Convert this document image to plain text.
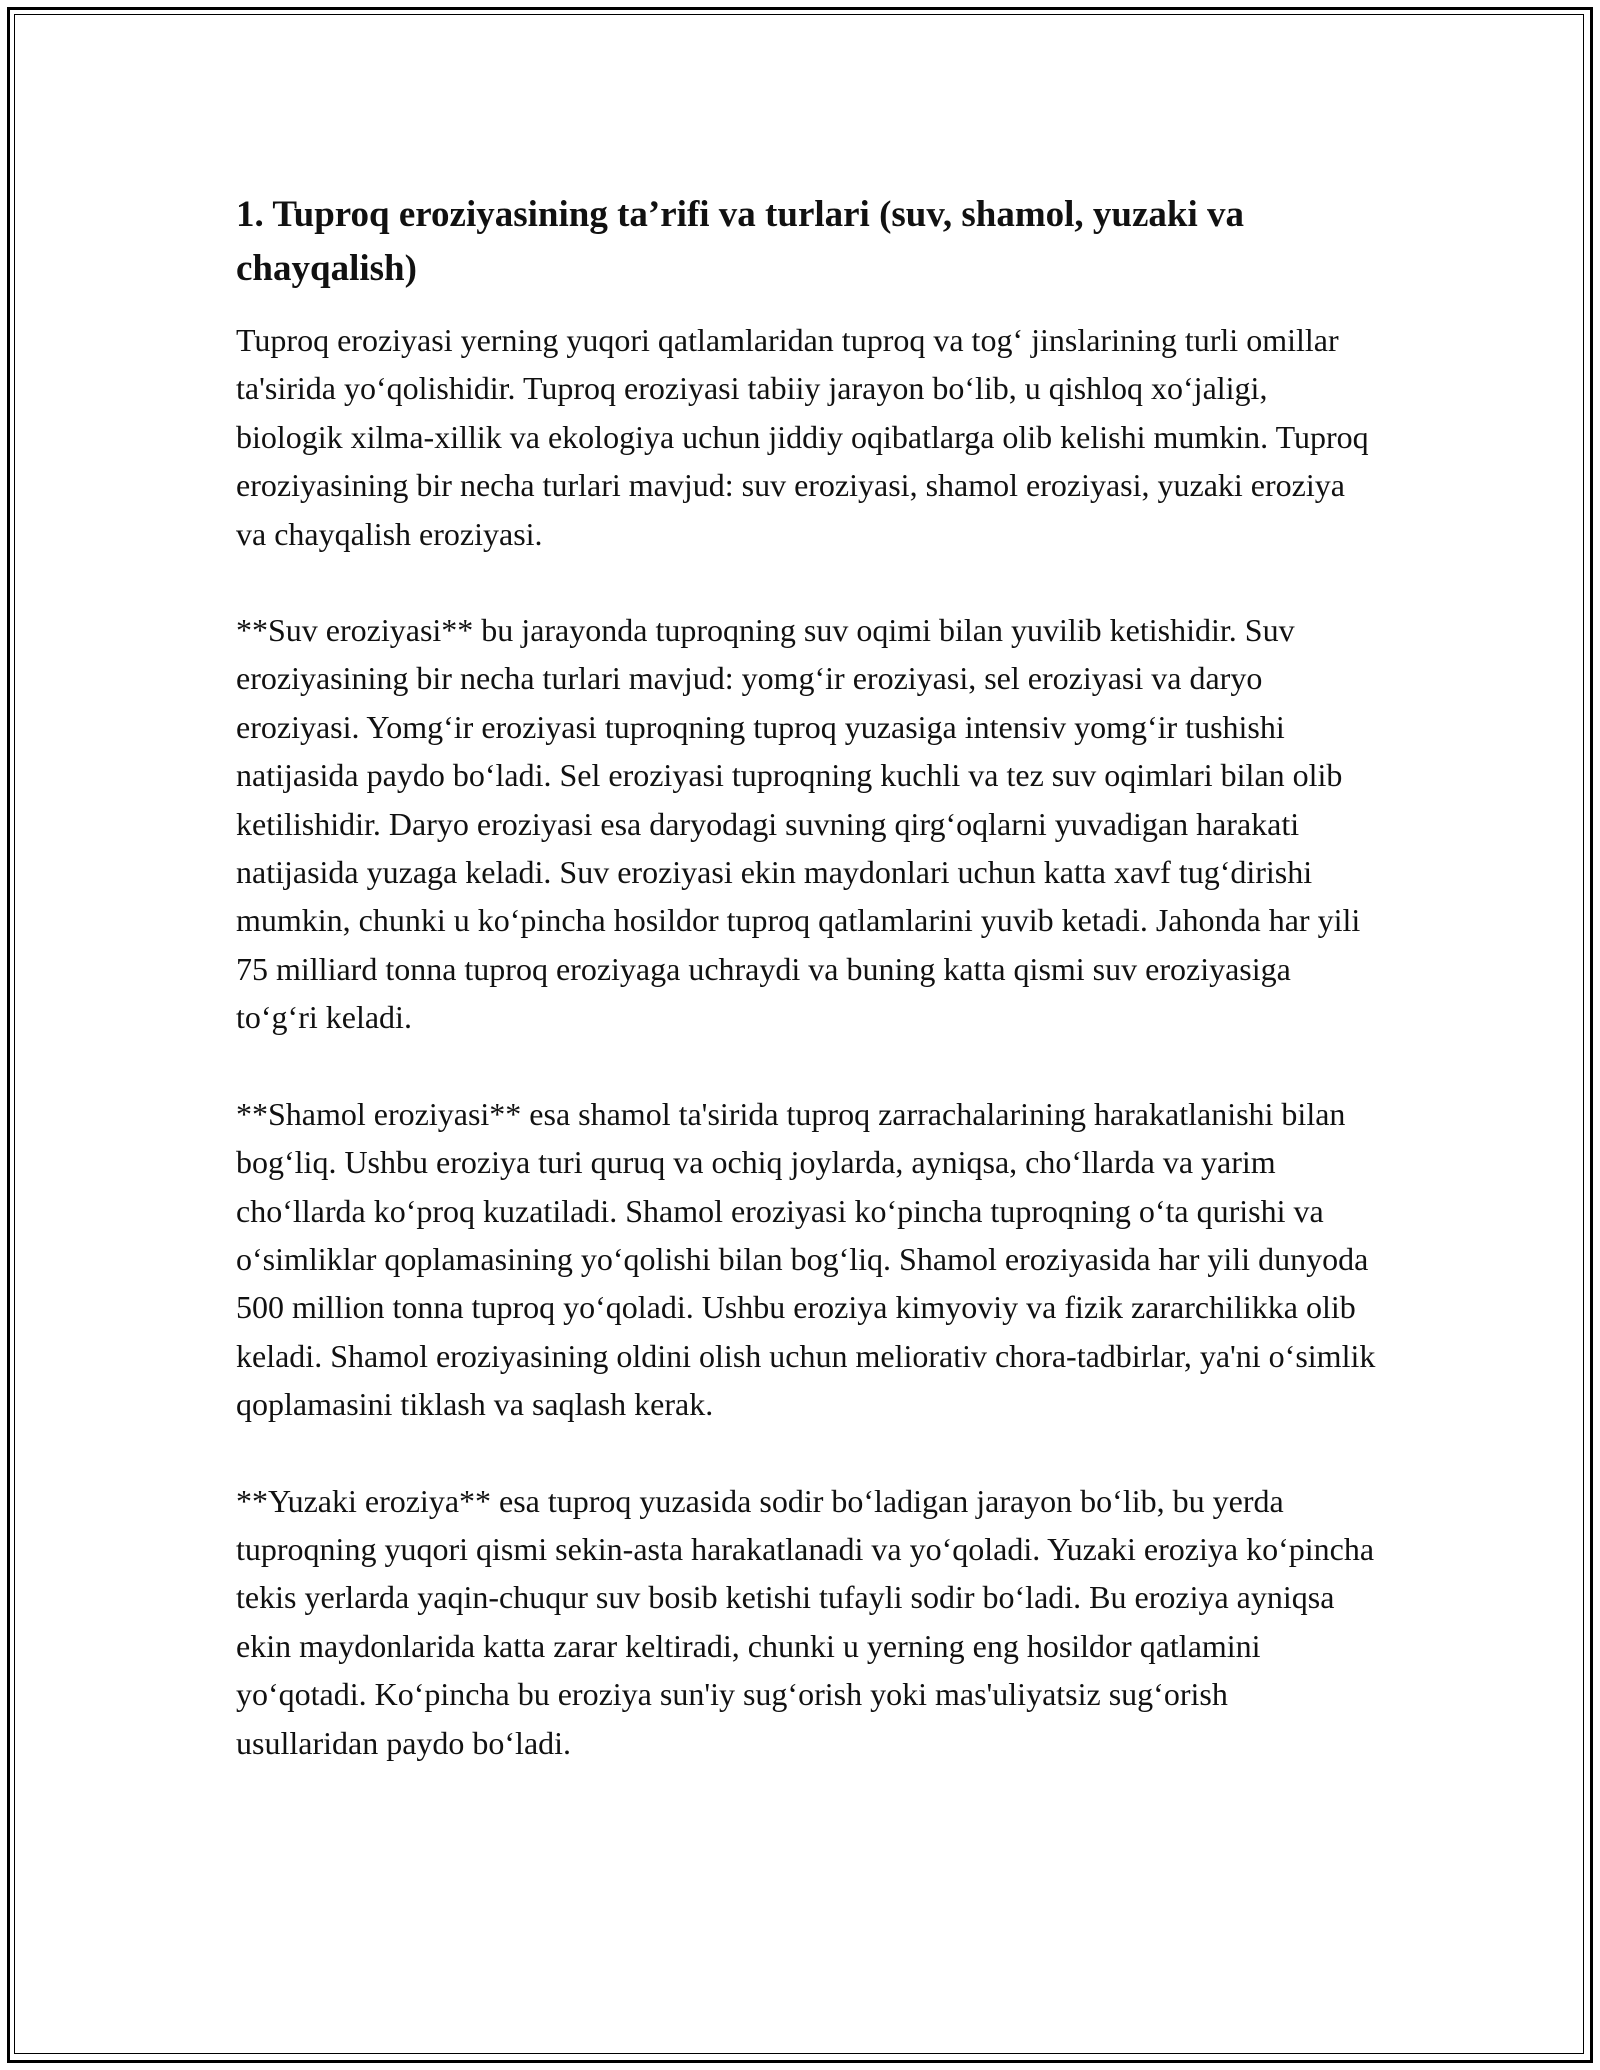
1. Tuproq eroziyasining ta’rifi va turlari (suv, shamol, yuzaki va chayqalish)

Tuproq eroziyasi yerning yuqori qatlamlaridan tuproq va tog‘ jinslarining turli omillar ta'sirida yo‘qolishidir. Tuproq eroziyasi tabiiy jarayon bo‘lib, u qishloq xo‘jaligi, biologik xilma-xillik va ekologiya uchun jiddiy oqibatlarga olib kelishi mumkin. Tuproq eroziyasining bir necha turlari mavjud: suv eroziyasi, shamol eroziyasi, yuzaki eroziya va chayqalish eroziyasi.

**Suv eroziyasi** bu jarayonda tuproqning suv oqimi bilan yuvilib ketishidir. Suv eroziyasining bir necha turlari mavjud: yomg‘ir eroziyasi, sel eroziyasi va daryo eroziyasi. Yomg‘ir eroziyasi tuproqning tuproq yuzasiga intensiv yomg‘ir tushishi natijasida paydo bo‘ladi. Sel eroziyasi tuproqning kuchli va tez suv oqimlari bilan olib ketilishidir. Daryo eroziyasi esa daryodagi suvning qirg‘oqlarni yuvadigan harakati natijasida yuzaga keladi. Suv eroziyasi ekin maydonlari uchun katta xavf tug‘dirishi mumkin, chunki u ko‘pincha hosildor tuproq qatlamlarini yuvib ketadi. Jahonda har yili 75 milliard tonna tuproq eroziyaga uchraydi va buning katta qismi suv eroziyasiga to‘g‘ri keladi.

**Shamol eroziyasi** esa shamol ta'sirida tuproq zarrachalarining harakatlanishi bilan bog‘liq. Ushbu eroziya turi quruq va ochiq joylarda, ayniqsa, cho‘llarda va yarim cho‘llarda ko‘proq kuzatiladi. Shamol eroziyasi ko‘pincha tuproqning o‘ta qurishi va o‘simliklar qoplamasining yo‘qolishi bilan bog‘liq. Shamol eroziyasida har yili dunyoda 500 million tonna tuproq yo‘qoladi. Ushbu eroziya kimyoviy va fizik zararchilikka olib keladi. Shamol eroziyasining oldini olish uchun meliorativ chora-tadbirlar, ya'ni o‘simlik qoplamasini tiklash va saqlash kerak.

**Yuzaki eroziya** esa tuproq yuzasida sodir bo‘ladigan jarayon bo‘lib, bu yerda tuproqning yuqori qismi sekin-asta harakatlanadi va yo‘qoladi. Yuzaki eroziya ko‘pincha tekis yerlarda yaqin-chuqur suv bosib ketishi tufayli sodir bo‘ladi. Bu eroziya ayniqsa ekin maydonlarida katta zarar keltiradi, chunki u yerning eng hosildor qatlamini yo‘qotadi. Ko‘pincha bu eroziya sun'iy sug‘orish yoki mas'uliyatsiz sug‘orish usullaridan paydo bo‘ladi.
